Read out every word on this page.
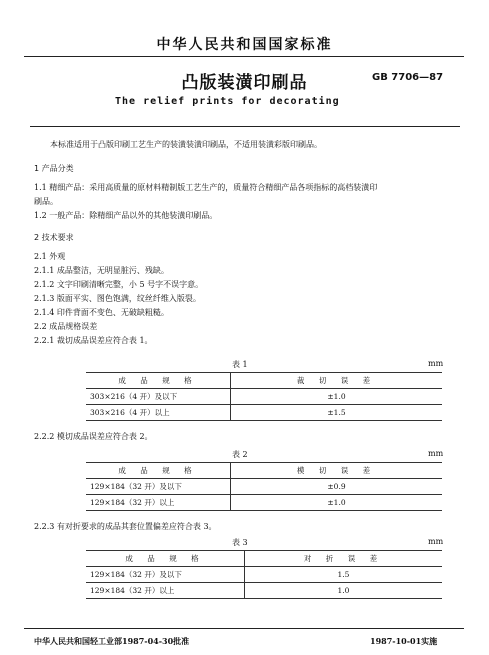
中华人民共和国国家标准
凸版装潢印刷品	GB 7706—87
The relief prints for decorating
本标准适用于凸版印刷工艺生产的装潢装潢印刷品，不适用装潢彩版印刷品。
1 产品分类
1.1 精细产品：采用高质量的原材料精制版工艺生产的，质量符合精细产品各项指标的高档装潢印
刷品。
1.2 一般产品：除精细产品以外的其他装潢印刷品。
2 技术要求
2.1 外观
2.1.1 成品整洁，无明显脏污、残缺。
2.1.2 文字印刷清晰完整，小 5 号字不误字意。
2.1.3 版面平实、图色饱满，纹丝纤维入版裂。
2.1.4 印件背面不变色、无破缺粗糙。
2.2 成品规格误差
2.2.1 裁切成品误差应符合表 1。
表 1	mm
成 品 规 格	裁 切 误 差
303×216（4 开）及以下	±1.0
303×216（4 开）以上	±1.5
2.2.2 模切成品误差应符合表 2。
表 2	mm
成 品 规 格	模 切 误 差
129×184（32 开）及以下	±0.9
129×184（32 开）以上	±1.0
2.2.3 有对折要求的成品其套位置偏差应符合表 3。
表 3	mm
成 品 规 格	对 折 误 差
129×184（32 开）及以下	1.5
129×184（32 开）以上	1.0
中华人民共和国轻工业部1987-04-30批准	1987-10-01实施
